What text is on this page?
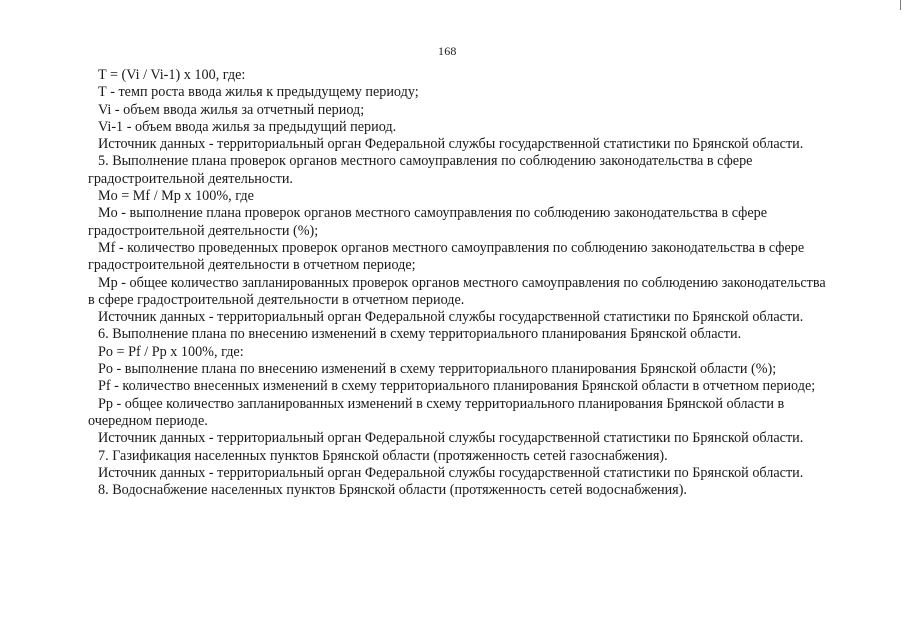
168

T = (Vi / Vi-1) x 100, где:

Т - темп роста ввода жилья к предыдущему периоду;

Vi - объем ввода жилья за отчетный период;

Vi-1 - объем ввода жилья за предыдущий период.

Источник данных - территориальный орган Федеральной службы государственной статистики по Брянской области.

5. Выполнение плана проверок органов местного самоуправления по соблюдению законодательства в сфере градостроительной деятельности.

Mo = Mf / Mp x 100%, где

Mo - выполнение плана проверок органов местного самоуправления по соблюдению законодательства в сфере градостроительной деятельности (%);

Mf - количество проведенных проверок органов местного самоуправления по соблюдению законодательства в сфере градостроительной деятельности в отчетном периоде;

Mp - общее количество запланированных проверок органов местного самоуправления по соблюдению законодательства в сфере градостроительной деятельности в отчетном периоде.

Источник данных - территориальный орган Федеральной службы государственной статистики по Брянской области.

6. Выполнение плана по внесению изменений в схему территориального планирования Брянской области.

Po = Pf / Pp x 100%, где:

Po - выполнение плана по внесению изменений в схему территориального планирования Брянской области (%);

Pf - количество внесенных изменений в схему территориального планирования Брянской области в отчетном периоде;

Pp - общее количество запланированных изменений в схему территориального планирования Брянской области в очередном периоде.

Источник данных - территориальный орган Федеральной службы государственной статистики по Брянской области.

7. Газификация населенных пунктов Брянской области (протяженность сетей газоснабжения).

Источник данных - территориальный орган Федеральной службы государственной статистики по Брянской области.

8. Водоснабжение населенных пунктов Брянской области (протяженность сетей водоснабжения).
